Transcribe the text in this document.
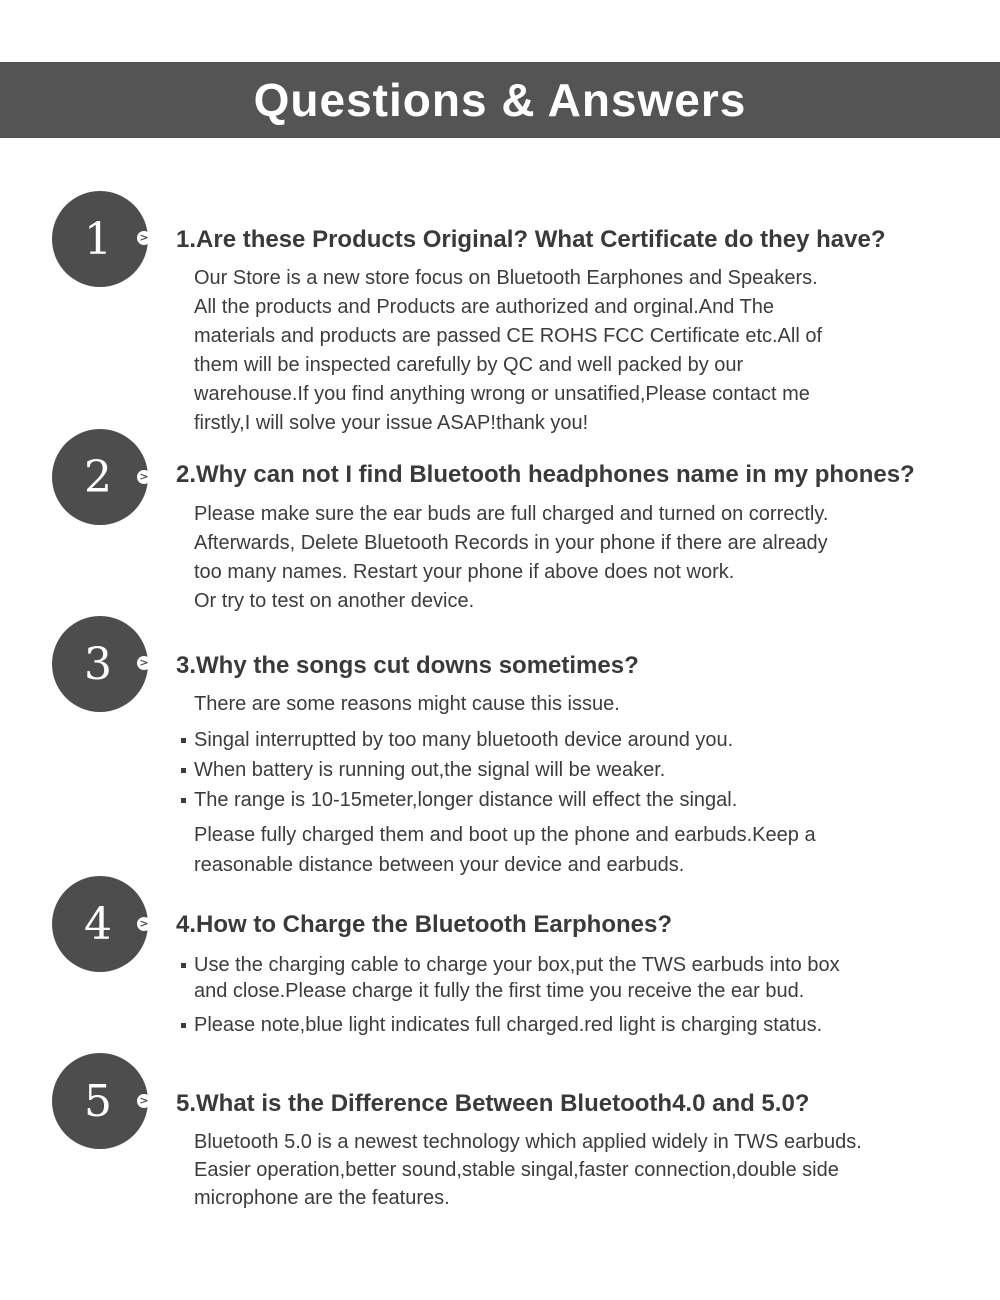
Questions & Answers
1 > 1.Are these Products Original? What Certificate do they have?
Our Store is a new store focus on Bluetooth Earphones and Speakers.
All the products and Products are authorized and orginal.And The
materials and products are passed CE ROHS FCC Certificate etc.All of
them will be inspected carefully by QC and well packed by our
warehouse.If you find anything wrong or unsatified,Please contact me
firstly,I will solve your issue ASAP!thank you!
2 > 2.Why can not I find Bluetooth headphones name in my phones?
Please make sure the ear buds are full charged and turned on correctly.
Afterwards, Delete Bluetooth Records in your phone if there are already
too many names. Restart your phone if above does not work.
Or try to test on another device.
3 > 3.Why the songs cut downs sometimes?
There are some reasons might cause this issue.
Singal interruptted by too many bluetooth device around you.
When battery is running out,the signal will be weaker.
The range is 10-15meter,longer distance will effect the singal.
Please fully charged them and boot up the phone and earbuds.Keep a
reasonable distance between your device and earbuds.
4 > 4.How to Charge the Bluetooth Earphones?
Use the charging cable to charge your box,put the TWS earbuds into box
and close.Please charge it fully the first time you receive the ear bud.
Please note,blue light indicates full charged.red light is charging status.
5 > 5.What is the Difference Between Bluetooth4.0 and 5.0?
Bluetooth 5.0 is a newest technology which applied widely in TWS earbuds.
Easier operation,better sound,stable singal,faster connection,double side
microphone are the features.
